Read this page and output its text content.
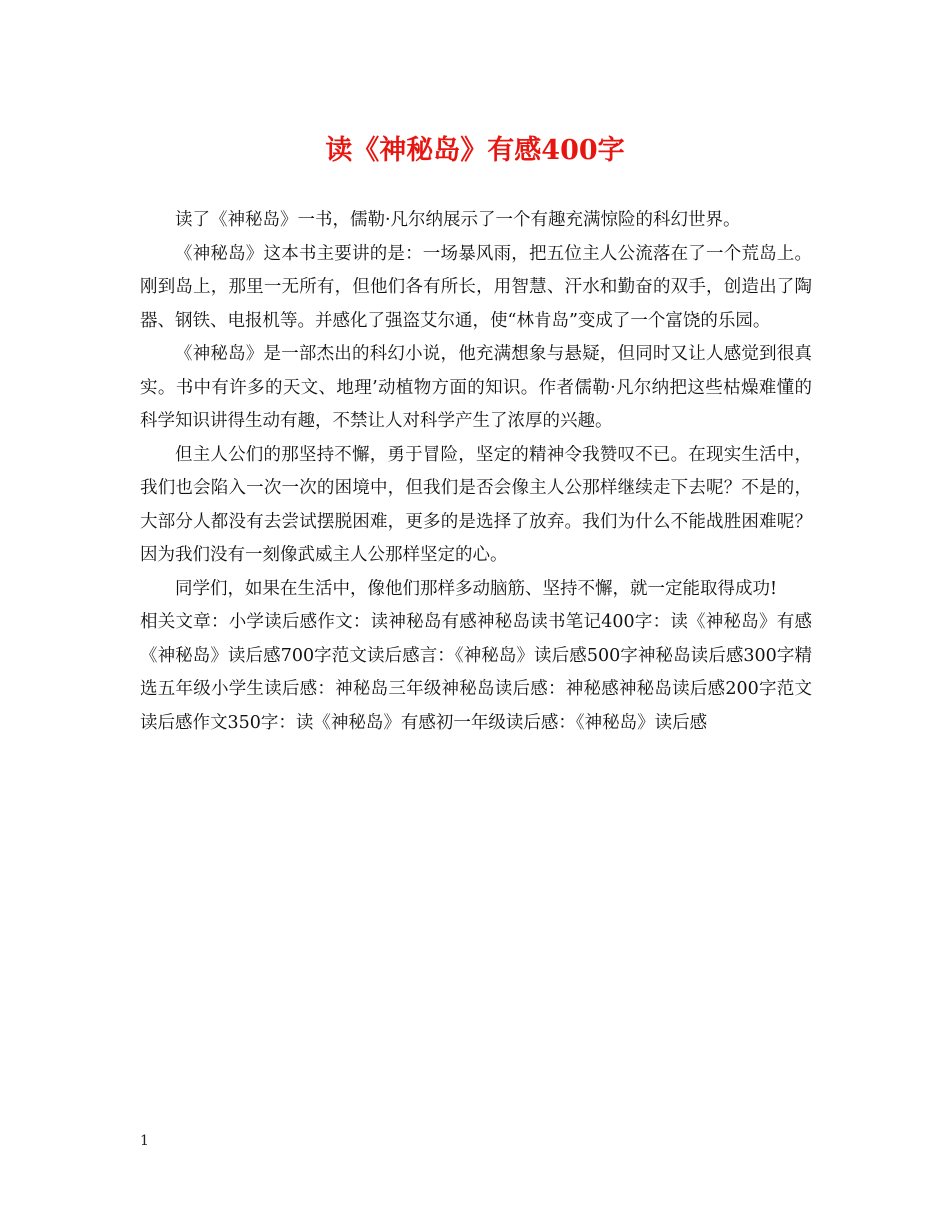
读《神秘岛》有感400字

读了《神秘岛》一书，儒勒·凡尔纳展示了一个有趣充满惊险的科幻世界。

《神秘岛》这本书主要讲的是：一场暴风雨，把五位主人公流落在了一个荒岛上。刚到岛上，那里一无所有，但他们各有所长，用智慧、汗水和勤奋的双手，创造出了陶器、钢铁、电报机等。并感化了强盗艾尔通，使“林肯岛”变成了一个富饶的乐园。

《神秘岛》是一部杰出的科幻小说，他充满想象与悬疑，但同时又让人感觉到很真实。书中有许多的天文、地理’动植物方面的知识。作者儒勒·凡尔纳把这些枯燥难懂的科学知识讲得生动有趣，不禁让人对科学产生了浓厚的兴趣。

但主人公们的那坚持不懈，勇于冒险，坚定的精神令我赞叹不已。在现实生活中，我们也会陷入一次一次的困境中，但我们是否会像主人公那样继续走下去呢？不是的，大部分人都没有去尝试摆脱困难，更多的是选择了放弃。我们为什么不能战胜困难呢？因为我们没有一刻像武威主人公那样坚定的心。

同学们，如果在生活中，像他们那样多动脑筋、坚持不懈，就一定能取得成功!

相关文章：小学读后感作文：读神秘岛有感神秘岛读书笔记400字：读《神秘岛》有感《神秘岛》读后感700字范文读后感言：《神秘岛》读后感500字神秘岛读后感300字精选五年级小学生读后感：神秘岛三年级神秘岛读后感：神秘感神秘岛读后感200字范文读后感作文350字：读《神秘岛》有感初一年级读后感：《神秘岛》读后感

1
